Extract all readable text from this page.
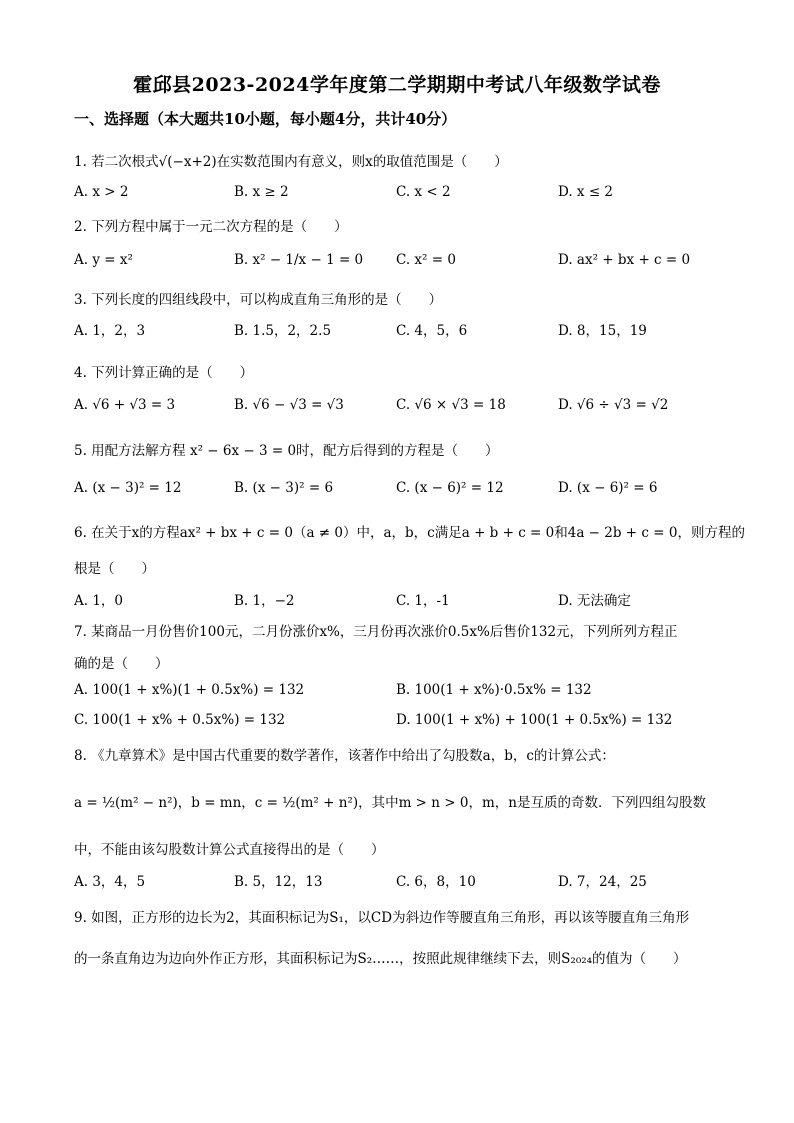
霍邱县2023-2024学年度第二学期期中考试八年级数学试卷
一、选择题（本大题共10小题，每小题4分，共计40分）
1. 若二次根式√(−x+2)在实数范围内有意义，则x的取值范围是（　　）
A. x > 2	B. x ≥ 2	C. x < 2	D. x ≤ 2
2. 下列方程中属于一元二次方程的是（　　）
A. y = x²	B. x² − 1/x − 1 = 0 C. x² = 0	D. ax² + bx + c = 0
3. 下列长度的四组线段中，可以构成直角三角形的是（　　）
A. 1，2，3	B. 1.5，2，2.5	C. 4，5，6	D. 8，15，19
4. 下列计算正确的是（　　）
A. √6 + √3 = 3	B. √6 − √3 = √3	C. √6 × √3 = 18	D. √6 ÷ √3 = √2
5. 用配方法解方程 x² − 6x − 3 = 0时，配方后得到的方程是（　　）
A. (x − 3)² = 12	B. (x − 3)² = 6	C. (x − 6)² = 12	D. (x − 6)² = 6
6. 在关于x的方程ax² + bx + c = 0（a ≠ 0）中，a，b，c满足a + b + c = 0和4a − 2b + c = 0，则方程的
根是（　　）
A. 1，0	B. 1，−2	C. 1，-1	D. 无法确定
7. 某商品一月份售价100元，二月份涨价x%，三月份再次涨价0.5x%后售价132元，下列所列方程正
确的是（　　）
A. 100(1 + x%)(1 + 0.5x%) = 132	B. 100(1 + x%)·0.5x% = 132
C. 100(1 + x% + 0.5x%) = 132	D. 100(1 + x%) + 100(1 + 0.5x%) = 132
8. 《九章算术》是中国古代重要的数学著作，该著作中给出了勾股数a，b，c的计算公式：
a = ½(m² − n²)，b = mn，c = ½(m² + n²)，其中m > n > 0，m，n是互质的奇数．下列四组勾股数
中，不能由该勾股数计算公式直接得出的是（　　）
A. 3，4，5	B. 5，12，13	C. 6，8，10	D. 7，24，25
9. 如图，正方形的边长为2，其面积标记为S₁，以CD为斜边作等腰直角三角形，再以该等腰直角三角形
的一条直角边为边向外作正方形，其面积标记为S₂……，按照此规律继续下去，则S₂₀₂₄的值为（　　）
